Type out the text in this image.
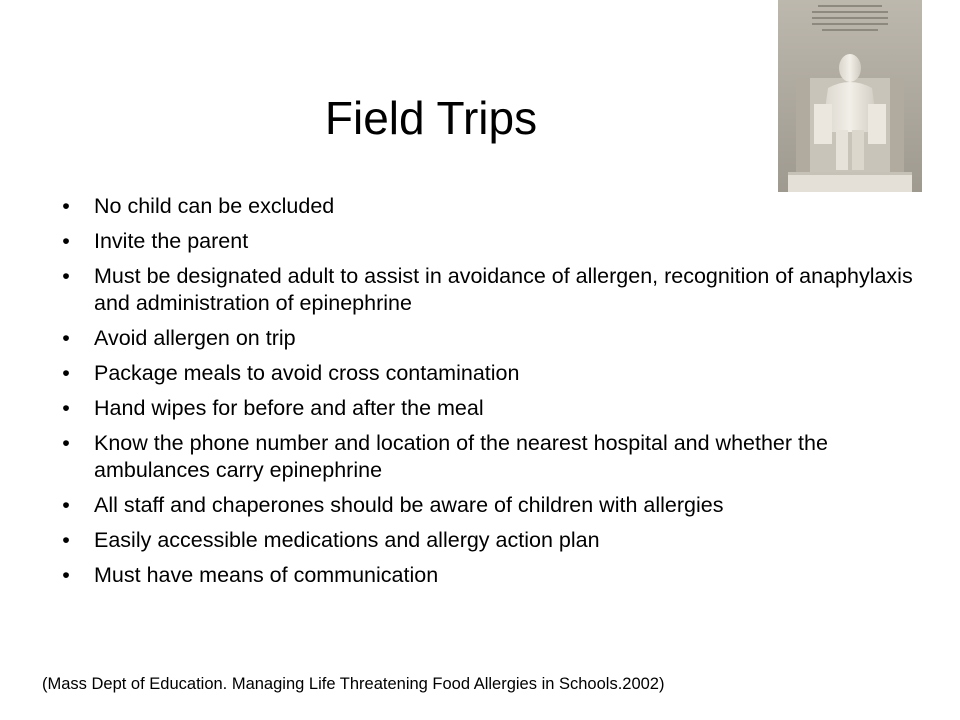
Field Trips
• No child can be excluded
• Invite the parent
• Must be designated adult to assist in avoidance of allergen, recognition of anaphylaxis and administration of epinephrine
• Avoid allergen on trip
• Package meals to avoid cross contamination
• Hand wipes for before and after the meal
• Know the phone number and location of the nearest hospital and whether the ambulances carry epinephrine
• All staff and chaperones should be aware of children with allergies
• Easily accessible medications and allergy action plan
• Must have means of communication
(Mass Dept of Education. Managing Life Threatening Food Allergies in Schools.2002)
